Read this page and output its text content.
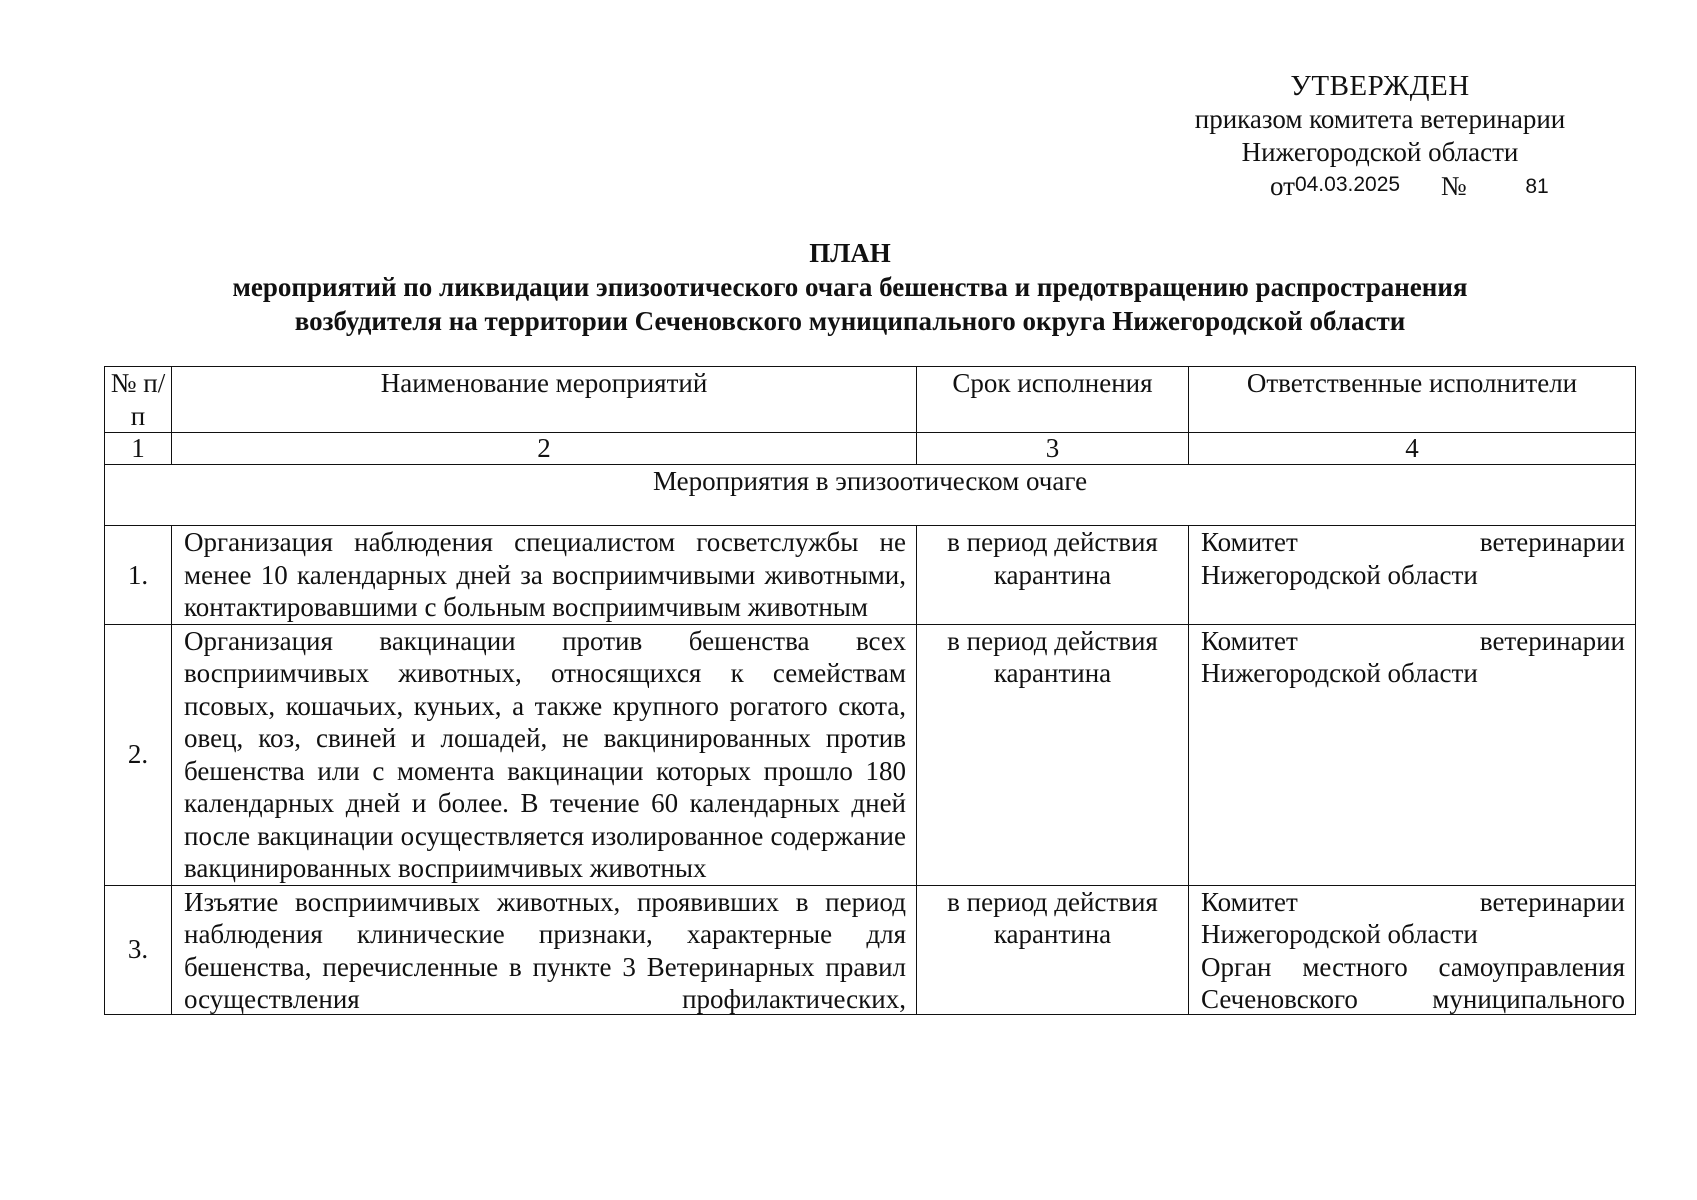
УТВЕРЖДЕН
приказом комитета ветеринарии
Нижегородской области
от04.03.2025 №	81
ПЛАН
мероприятий по ликвидации эпизоотического очага бешенства и предотвращению распространения
возбудителя на территории Сеченовского муниципального округа Нижегородской области
№ п/п	Наименование мероприятий	Срок исполнения	Ответственные исполнители
1	2	3	4
Мероприятия в эпизоотическом очаге			
1.	Организация наблюдения специалистом госветслужбы не менее 10 календарных дней за восприимчивыми животными, контактировавшими с больным восприимчивым животным	в период действия карантина	Комитет ветеринарии
Нижегородской области

2.	Организация вакцинации против бешенства всех восприимчивых животных, относящихся к семействам псовых, кошачьих, куньих, а также крупного рогатого скота, овец, коз, свиней и лошадей, не вакцинированных против бешенства или с момента вакцинации которых прошло 180 календарных дней и более. В течение 60 календарных дней после вакцинации осуществляется изолированное содержание вакцинированных восприимчивых животных	в период действия карантина	Комитет ветеринарии
Нижегородской области

3.	Изъятие восприимчивых животных, проявивших в период наблюдения клинические признаки, характерные для бешенства, перечисленные в пункте 3 Ветеринарных правил осуществления профилактических,	в период действия карантина	Комитет ветеринарии
Нижегородской области
Орган местного самоуправления
Сеченовского муниципального
